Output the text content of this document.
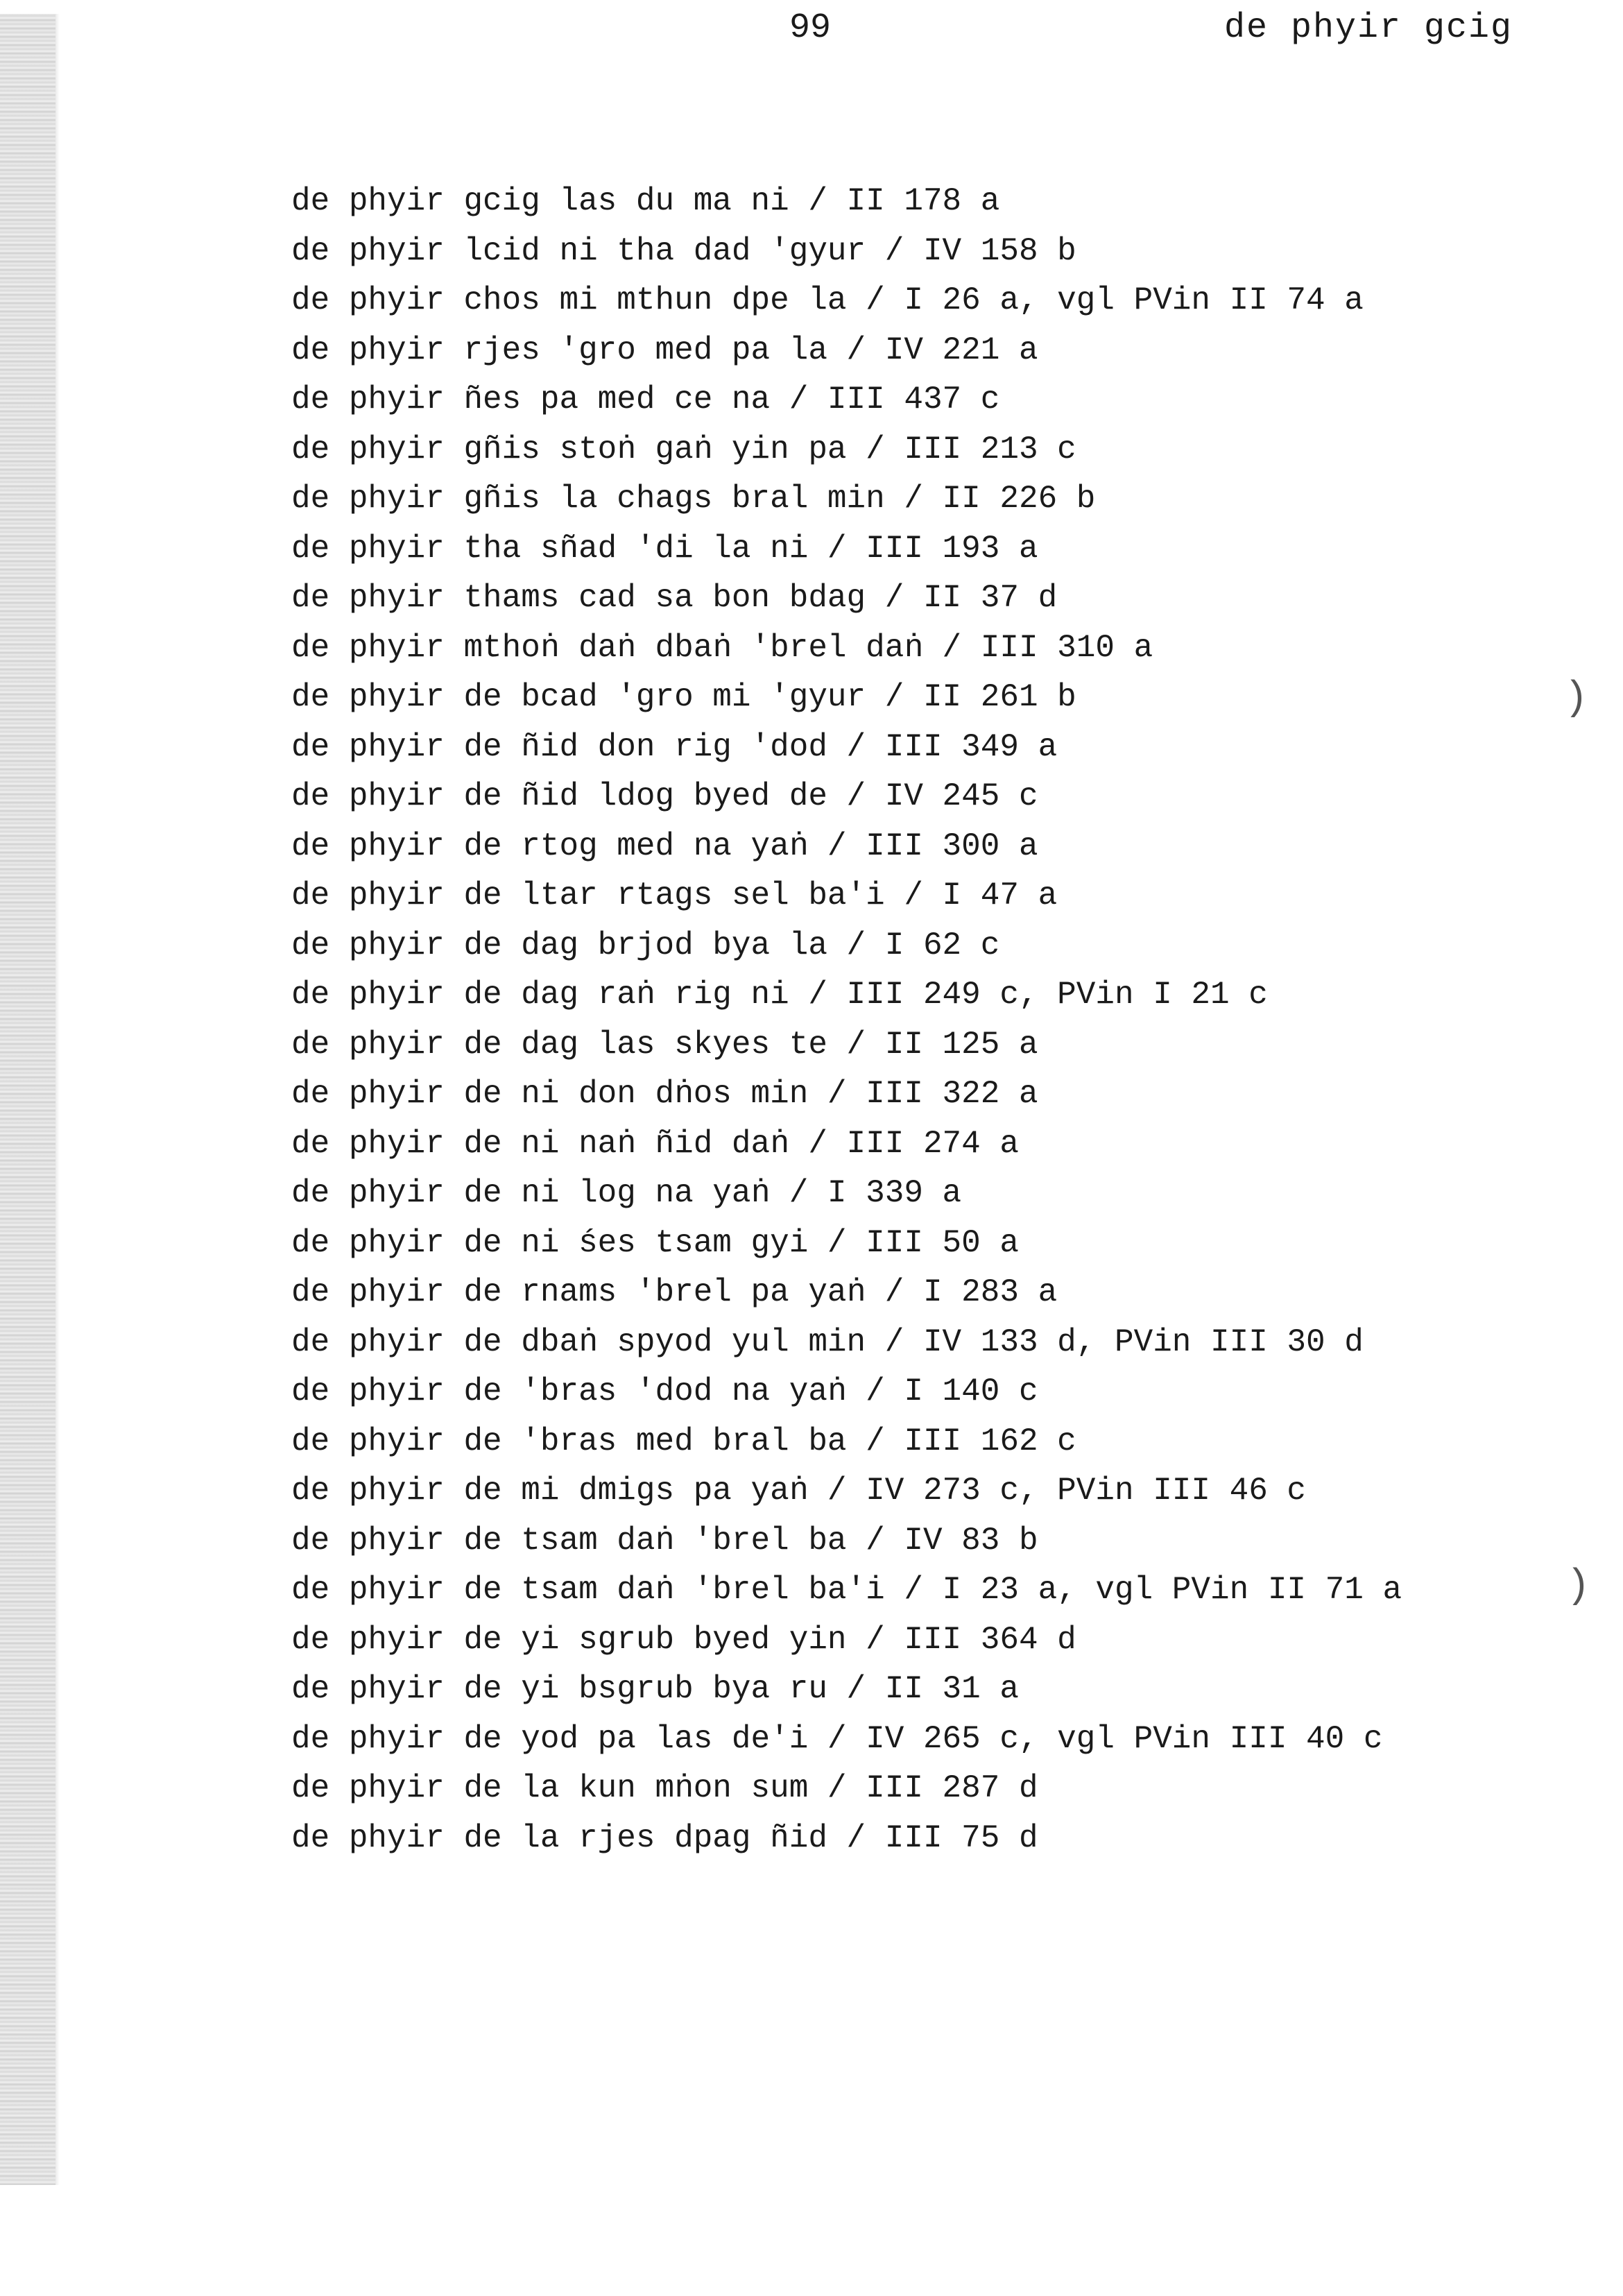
99	de phyir gcig
de phyir gcig las du ma ni / II 178 a
de phyir lcid ni tha dad 'gyur / IV 158 b
de phyir chos mi mthun dpe la / I 26 a, vgl PVin II 74 a
de phyir rjes 'gro med pa la / IV 221 a
de phyir ñes pa med ce na / III 437 c
de phyir gñis stoṅ gaṅ yin pa / III 213 c
de phyir gñis la chags bral min / II 226 b
de phyir tha sñad 'di la ni / III 193 a
de phyir thams cad sa bon bdag / II 37 d
de phyir mthoṅ daṅ dbaṅ 'brel daṅ / III 310 a
de phyir de bcad 'gro mi 'gyur / II 261 b
de phyir de ñid don rig 'dod / III 349 a
de phyir de ñid ldog byed de / IV 245 c
de phyir de rtog med na yaṅ / III 300 a
de phyir de ltar rtags sel ba'i / I 47 a
de phyir de dag brjod bya la / I 62 c
de phyir de dag raṅ rig ni / III 249 c, PVin I 21 c
de phyir de dag las skyes te / II 125 a
de phyir de ni don dṅos min / III 322 a
de phyir de ni naṅ ñid daṅ / III 274 a
de phyir de ni log na yaṅ / I 339 a
de phyir de ni śes tsam gyi / III 50 a
de phyir de rnams 'brel pa yaṅ / I 283 a
de phyir de dbaṅ spyod yul min / IV 133 d, PVin III 30 d
de phyir de 'bras 'dod na yaṅ / I 140 c
de phyir de 'bras med bral ba / III 162 c
de phyir de mi dmigs pa yaṅ / IV 273 c, PVin III 46 c
de phyir de tsam daṅ 'brel ba / IV 83 b
de phyir de tsam daṅ 'brel ba'i / I 23 a, vgl PVin II 71 a
de phyir de yi sgrub byed yin / III 364 d
de phyir de yi bsgrub bya ru / II 31 a
de phyir de yod pa las de'i / IV 265 c, vgl PVin III 40 c
de phyir de la kun mṅon sum / III 287 d
de phyir de la rjes dpag ñid / III 75 d
)
)
